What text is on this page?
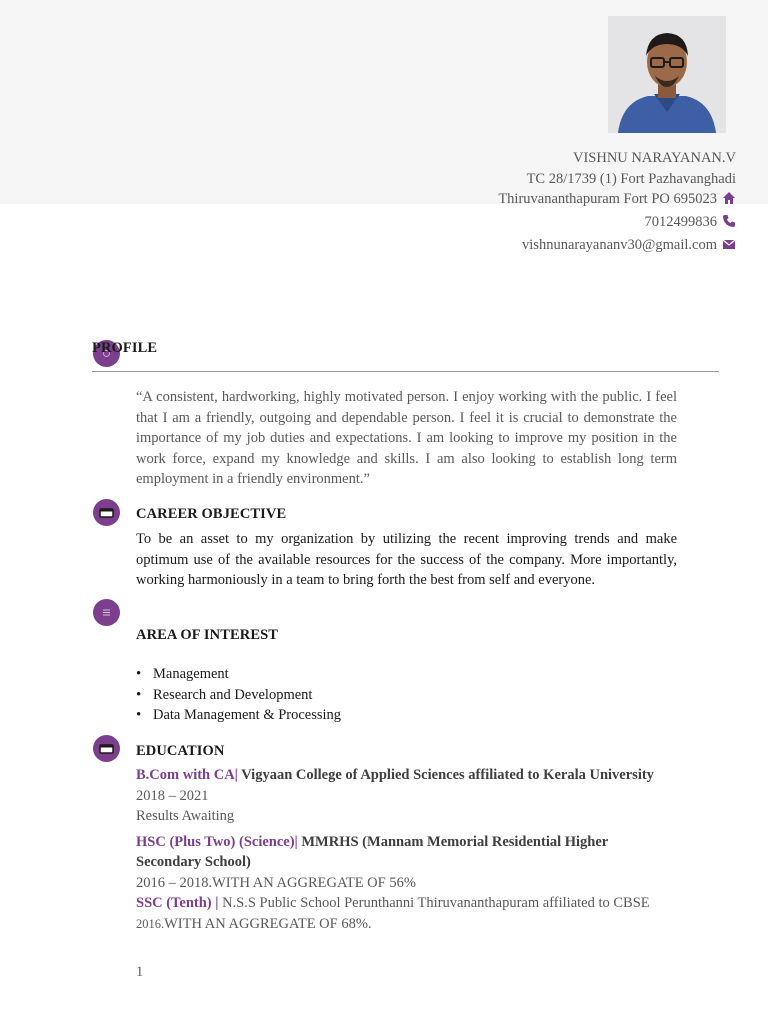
VISHNU NARAYANAN.V
TC 28/1739 (1) Fort Pazhavanghadi
Thiruvananthapuram Fort PO 695023
7012499836
vishnunarayananv30@gmail.com
PROFILE
“A consistent, hardworking, highly motivated person. I enjoy working with the public. I feel that I am a friendly, outgoing and dependable person. I feel it is crucial to demonstrate the importance of my job duties and expectations. I am looking to improve my position in the work force, expand my knowledge and skills. I am also looking to establish long term employment in a friendly environment.”
CAREER OBJECTIVE
To be an asset to my organization by utilizing the recent improving trends and make optimum use of the available resources for the success of the company. More importantly, working harmoniously in a team to bring forth the best from self and everyone.
AREA OF INTEREST
• Management
• Research and Development
• Data Management & Processing
EDUCATION
B.Com with CA| Vigyaan College of Applied Sciences affiliated to Kerala University
2018 – 2021
Results Awaiting
HSC (Plus Two) (Science)| MMRHS (Mannam Memorial Residential Higher
Secondary School)
2016 – 2018.WITH AN AGGREGATE OF 56%
SSC (Tenth) | N.S.S Public School Perunthanni Thiruvananthapuram affiliated to CBSE
2016.WITH AN AGGREGATE OF 68%.
1
